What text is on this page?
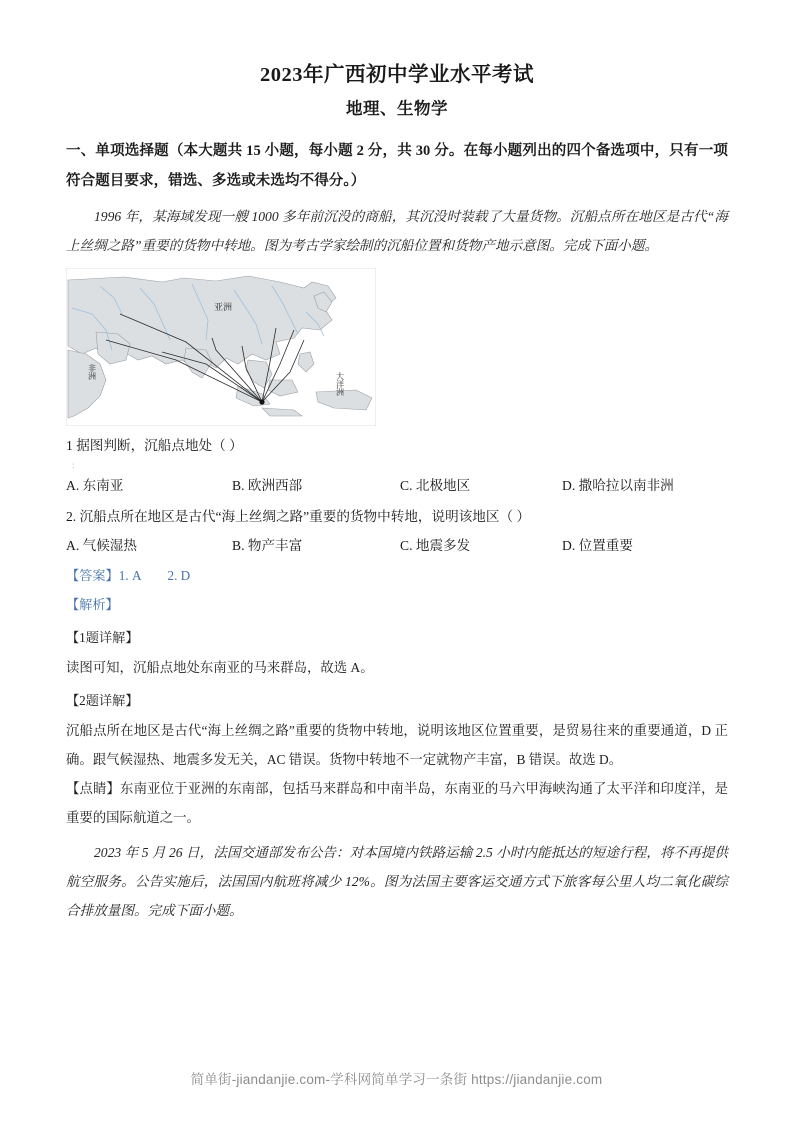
2023年广西初中学业水平考试
地理、生物学

一、单项选择题（本大题共 15 小题，每小题 2 分，共 30 分。在每小题列出的四个备选项中，只有一项符合题目要求，错选、多选或未选均不得分。）

1996 年，某海域发现一艘 1000 多年前沉没的商船，其沉没时装载了大量货物。沉船点所在地区是古代“海上丝绸之路”重要的货物中转地。图为考古学家绘制的沉船位置和货物产地示意图。完成下面小题。

亚洲
非洲	大洋洲

1 据图判断，沉船点地处（ ）

:
A. 东南亚	B. 欧洲西部	C. 北极地区	D. 撒哈拉以南非洲

2. 沉船点所在地区是古代“海上丝绸之路”重要的货物中转地，说明该地区（ ）

A. 气候湿热	B. 物产丰富	C. 地震多发	D. 位置重要

【答案】1. A 2. D

【解析】

【1题详解】

读图可知，沉船点地处东南亚的马来群岛，故选 A。

【2题详解】

沉船点所在地区是古代“海上丝绸之路”重要的货物中转地，说明该地区位置重要，是贸易往来的重要通道，D 正确。跟气候湿热、地震多发无关，AC 错误。货物中转地不一定就物产丰富，B 错误。故选 D。

【点睛】东南亚位于亚洲的东南部，包括马来群岛和中南半岛，东南亚的马六甲海峡沟通了太平洋和印度洋，是重要的国际航道之一。

2023 年 5 月 26 日，法国交通部发布公告：对本国境内铁路运输 2.5 小时内能抵达的短途行程，将不再提供航空服务。公告实施后，法国国内航班将减少 12%。图为法国主要客运交通方式下旅客每公里人均二氧化碳综合排放量图。完成下面小题。

简单街-jiandanjie.com-学科网简单学习一条街 https://jiandanjie.com
